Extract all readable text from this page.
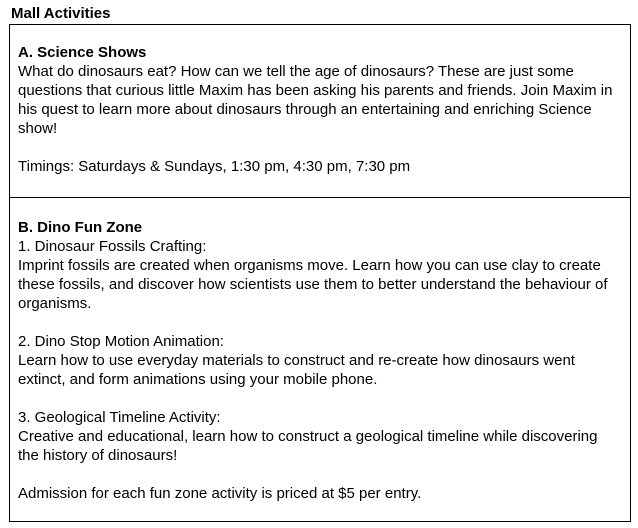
Mall Activities
A. Science Shows
What do dinosaurs eat? How can we tell the age of dinosaurs? These are just some questions that curious little Maxim has been asking his parents and friends. Join Maxim in his quest to learn more about dinosaurs through an entertaining and enriching Science show!
Timings: Saturdays & Sundays, 1:30 pm, 4:30 pm, 7:30 pm
B. Dino Fun Zone
1. Dinosaur Fossils Crafting:
Imprint fossils are created when organisms move. Learn how you can use clay to create these fossils, and discover how scientists use them to better understand the behaviour of organisms.
2. Dino Stop Motion Animation:
Learn how to use everyday materials to construct and re-create how dinosaurs went extinct, and form animations using your mobile phone.
3. Geological Timeline Activity:
Creative and educational, learn how to construct a geological timeline while discovering the history of dinosaurs!
Admission for each fun zone activity is priced at $5 per entry.
